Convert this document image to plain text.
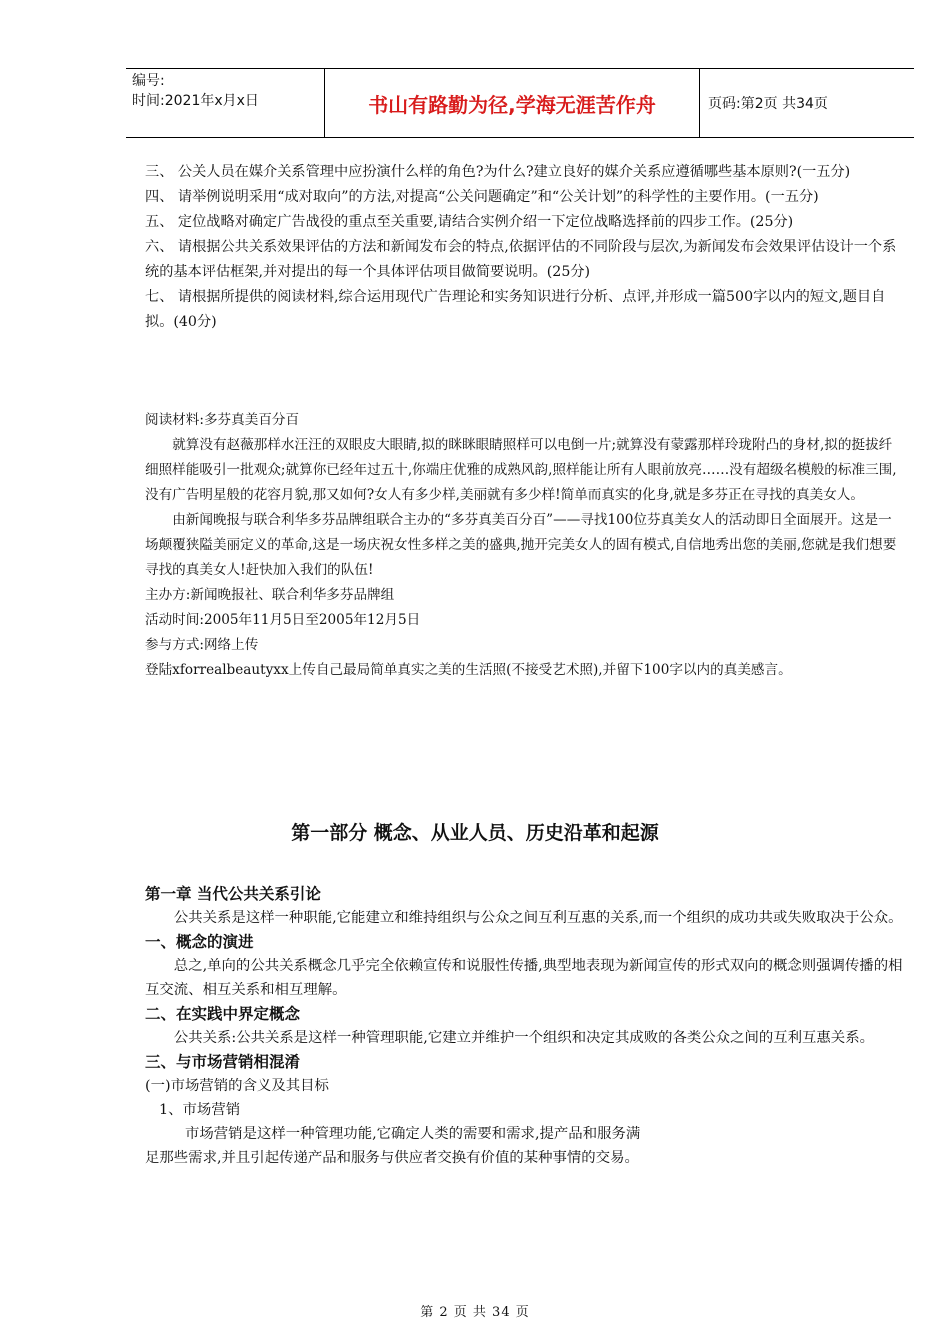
编号:
时间:2021年x月x日	书山有路勤为径,学海无涯苦作舟	页码:第2页 共34页

三、 公关人员在媒介关系管理中应扮演什么样的角色?为什么?建立良好的媒介关系应遵循哪些基本原则?(一五分)

四、 请举例说明采用“成对取向”的方法,对提高“公关问题确定”和“公关计划”的科学性的主要作用。(一五分)

五、 定位战略对确定广告战役的重点至关重要,请结合实例介绍一下定位战略选择前的四步工作。(25分)

六、 请根据公共关系效果评估的方法和新闻发布会的特点,依据评估的不同阶段与层次,为新闻发布会效果评估设计一个系统的基本评估框架,并对提出的每一个具体评估项目做简要说明。(25分)

七、 请根据所提供的阅读材料,综合运用现代广告理论和实务知识进行分析、点评,并形成一篇500字以内的短文,题目自拟。(40分)

阅读材料:多芬真美百分百

就算没有赵薇那样水汪汪的双眼皮大眼睛,拟的眯眯眼睛照样可以电倒一片;就算没有蒙露那样玲珑附凸的身材,拟的挺拔纤细照样能吸引一批观众;就算你已经年过五十,你端庄优雅的成熟风韵,照样能让所有人眼前放亮……没有超级名模般的标准三围,没有广告明星般的花容月貌,那又如何?女人有多少样,美丽就有多少样!简单而真实的化身,就是多芬正在寻找的真美女人。

由新闻晚报与联合利华多芬品牌组联合主办的“多芬真美百分百”——寻找100位芬真美女人的活动即日全面展开。这是一场颠覆狭隘美丽定义的革命,这是一场庆祝女性多样之美的盛典,抛开完美女人的固有模式,自信地秀出您的美丽,您就是我们想要寻找的真美女人!赶快加入我们的队伍!

主办方:新闻晚报社、联合利华多芬品牌组

活动时间:2005年11月5日至2005年12月5日

参与方式:网络上传

登陆xforrealbeautyxx上传自己最局简单真实之美的生活照(不接受艺术照),并留下100字以内的真美感言。

第一部分 概念、从业人员、历史沿革和起源

第一章 当代公共关系引论

公共关系是这样一种职能,它能建立和维持组织与公众之间互利互惠的关系,而一个组织的成功共或失败取决于公众。

一、概念的演进

总之,单向的公共关系概念几乎完全依赖宣传和说服性传播,典型地表现为新闻宣传的形式双向的概念则强调传播的相互交流、相互关系和相互理解。

二、在实践中界定概念

公共关系:公共关系是这样一种管理职能,它建立并维护一个组织和决定其成败的各类公众之间的互利互惠关系。

三、与市场营销相混淆

(一)市场营销的含义及其目标

1、市场营销

市场营销是这样一种管理功能,它确定人类的需要和需求,提产品和服务满

足那些需求,并且引起传递产品和服务与供应者交换有价值的某种事情的交易。

第 2 页 共 34 页
